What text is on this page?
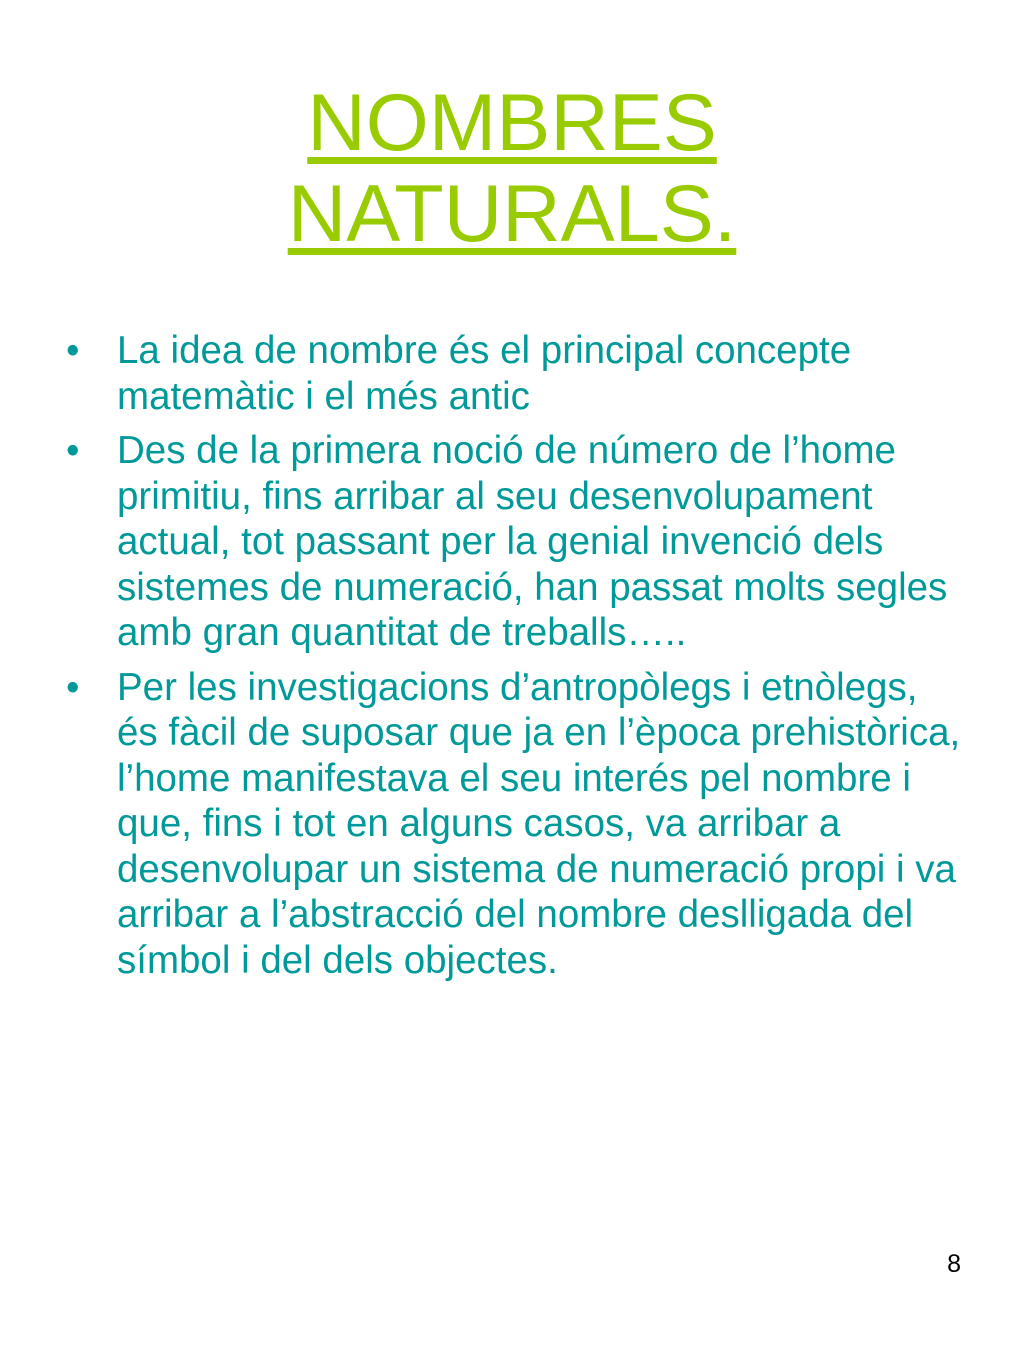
NOMBRES
NATURALS.
• La idea de nombre és el principal concepte matemàtic i el més antic
• Des de la primera noció de número de l’home primitiu, fins arribar al seu desenvolupament actual, tot passant per la genial invenció dels sistemes de numeració, han passat molts segles amb gran quantitat de treballs…..
• Per les investigacions d’antropòlegs i etnòlegs, és fàcil de suposar que ja en l’època prehistòrica, l’home manifestava el seu interés pel nombre i que, fins i tot en alguns casos, va arribar a desenvolupar un sistema de numeració propi i va arribar a l’abstracció del nombre deslligada del símbol i del dels objectes.
8
